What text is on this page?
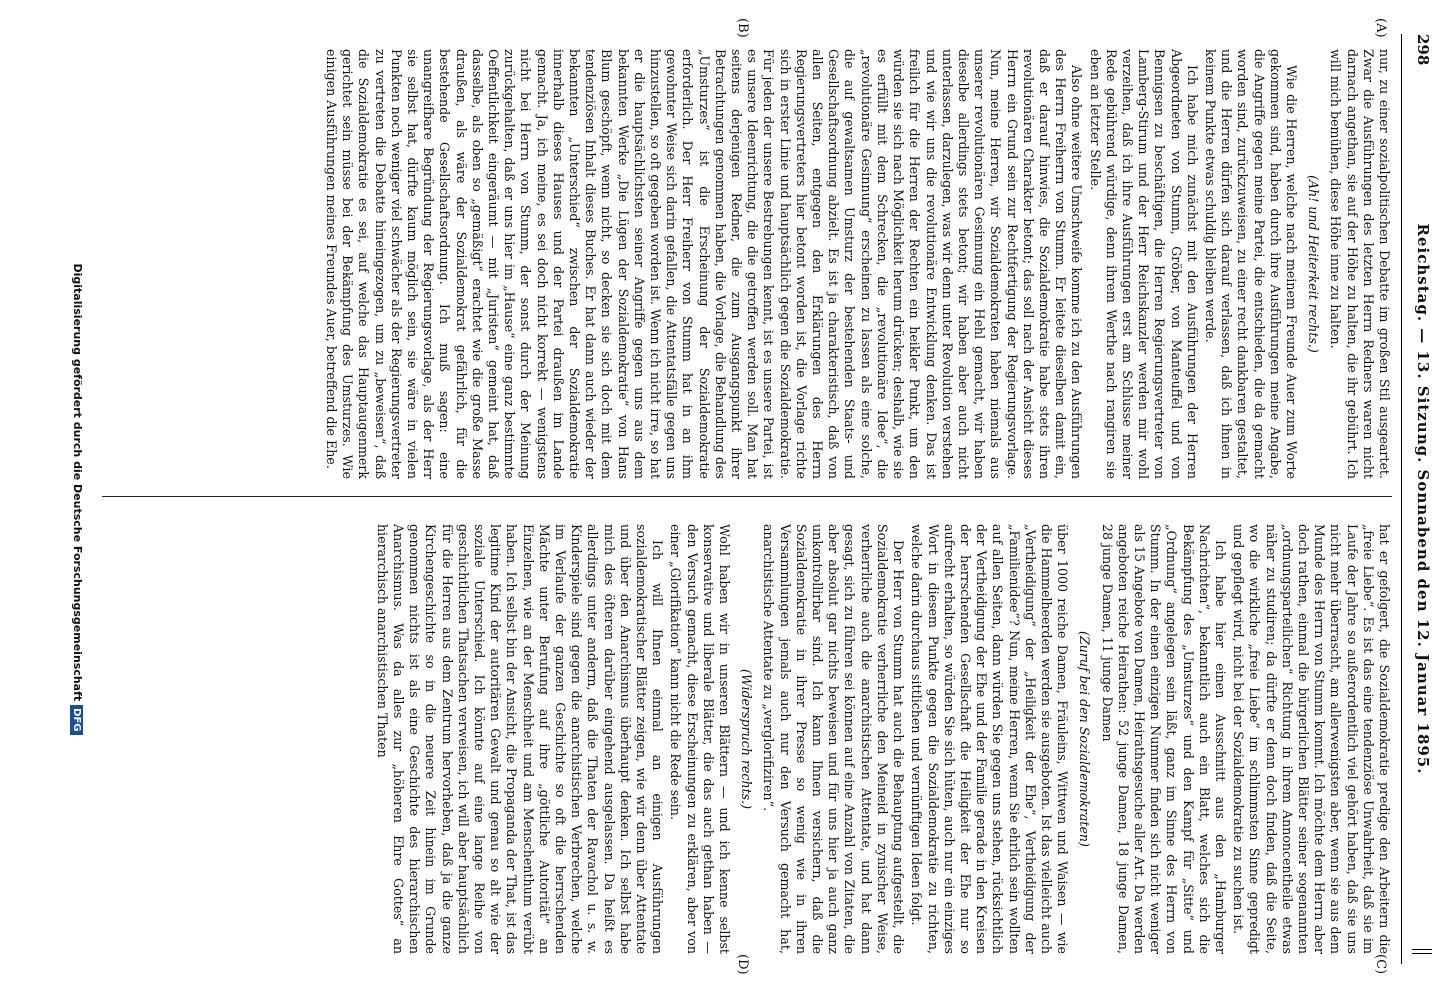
298
Reichstag. — 13. Sitzung. Sonnabend den 12. Januar 1895.
(A)
(B)
(C)
(D)

nur, zu einer sozialpolitischen Debatte im großen Stil ausgeartet. Zwar die Ausführungen des letzten Herrn Redners waren nicht darnach angethan, sie auf der Höhe zu halten, die ihr gebührt. Ich will mich bemühen, diese Höhe inne zu halten.

(Ah! und Heiterkeit rechts.)

Wie die Herren, welche nach meinem Freunde Auer zum Worte gekommen sind, haben durch ihre Ausführungen meine Angabe, die Angriffe gegen meine Partei, die entschieden, die da gemacht worden sind, zurückzuweisen, zu einer recht dankbaren gestaltet, und die Herren dürfen sich darauf verlassen, daß ich ihnen in keinem Punkte etwas schuldig bleiben werde.

Ich habe mich zunächst mit den Ausführungen der Herren Abgeordneten von Stumm, Gröber, von Manteuffel und von Bennigsen zu beschäftigen, die Herren Regierungsvertreter von Lamberg-Stirum und der Herr Reichskanzler werden mir wohl verzeihen, daß ich ihre Ausführungen erst am Schlusse meiner Rede gebührend würdige, denn ihrem Werthe nach rangiren sie eben an letzter Stelle.

Also ohne weitere Umschweife komme ich zu den Ausführungen des Herrn Freiherrn von Stumm. Er leitete dieselben damit ein, daß er darauf hinwies, die Sozialdemokratie habe stets ihren revolutionären Charakter betont; das soll nach der Ansicht dieses Herrn ein Grund sein zur Rechtfertigung der Regierungsvorlage. Nun, meine Herren, wir Sozialdemokraten haben niemals aus unserer revolutionären Gesinnung ein Hehl gemacht, wir haben dieselbe allerdings stets betont; wir haben aber auch nicht unterlassen, darzulegen, was wir denn unter Revolution verstehen und wie wir uns die revolutionäre Entwicklung denken. Das ist freilich für die Herren der Rechten ein heikler Punkt, um den würden sie sich nach Möglichkeit herum drücken; deshalb, wie sie es erfüllt mit dem Schrecken, die „revolutionäre Idee“, die „revolutionäre Gesinnung“ erscheinen zu lassen als eine solche, die auf gewaltsamen Umsturz der bestehenden Staats- und Gesellschaftsordnung abzielt. Es ist ja charakteristisch, daß von allen Seiten, entgegen den Erklärungen des Herrn Regierungsvertreters hier betont worden ist, die Vorlage richte sich in erster Linie und hauptsächlich gegen die Sozialdemokratie. Für jeden der unsere Bestrebungen kennt, ist es unsere Partei, ist es unsere Ideenrichtung, die die getroffen werden soll. Man hat seitens derjenigen Redner, die zum Ausgangspunkt ihrer Betrachtungen genommen haben, die Vorlage, die Behandlung des „Umsturzes“ ist die Erscheinung der Sozialdemokratie erforderlich. Der Herr Freiherr von Stumm hat in an ihm gewohnter Weise sich darin gefallen, die Attentatsfälle gegen uns hinzustellen, so oft gegeben worden ist. Wenn ich nicht irre, so hat er die hauptsächlichsten seiner Angriffe gegen uns aus dem bekannten Werke „Die Lügen der Sozialdemokratie“ von Hans Blum geschöpft, wenn nicht, so decken sie sich doch mit dem tendenziösen Inhalt dieses Buches. Er hat dann auch wieder der bekannten „Unterschied“ zwischen der Sozialdemokratie innerhalb dieses Hauses und der Partei draußen im Lande gemacht. Ja, ich meine, es sei doch nicht korrekt — wenigstens nicht bei Herrn von Stumm, der sonst durch der Meinung zurückgehalten, daß er uns hier im „Hause“ eine ganz bestimmte Oeffentlichkeit eingeräumt — mit „Juristen“ gemeint hat, daß dasselbe, als oben so „gemäßigt“ erachtet wie die große Masse draußen, als wäre der Sozialdemokrat gefährlich, für die bestehende Gesellschaftsordnung. Ich muß sagen: eine unangreifbare Begründung der Regierungsvorlage, als der Herr sie selbst hat, dürfte kaum möglich sein, sie wäre in vielen Punkten noch weniger viel schwächer als der Regierungsvertreter zu vertreten die Debatte hineingezogen, um zu „beweisen“, daß die Sozialdemokratie es sei, auf welche das Hauptaugenmerk gerichtet sein müsse bei der Bekämpfung des Umsturzes. Wie einigen Ausführungen meines Freundes Auer, betreffend die Ehe.

hat er gefolgert, die Sozialdemokratie predige den Arbeitern die „freie Liebe“. Es ist das eine tendenziöse Unwahrheit, daß sie im Laufe der Jahre so außerordentlich viel gehört haben, daß sie uns nicht mehr überrascht, am allerwenigsten aber, wenn sie aus dem Munde des Herrn von Stumm kommt. Ich möchte dem Herrn aber doch rathen, einmal die bürgerlichen Blätter seiner sogenannten „ordnungsparteilichen“ Richtung in ihrem Annoncentheile etwas näher zu studiren; da dürfte er denn doch finden, daß die Seite, wo die wirkliche „freie Liebe“ im schlimmsten Sinne gepredigt und gepflegt wird, nicht bei der Sozialdemokratie zu suchen ist.

Ich habe hier einen Ausschnitt aus den „Hamburger Nachrichten“, bekanntlich auch ein Blatt, welches sich die Bekämpfung des „Umsturzes“ und den Kampf für „Sitte“ und „Ordnung“ angelegen sein läßt, ganz im Sinne des Herrn von Stumm. In der einen einzigen Nummer finden sich nicht weniger als 15 Angebote von Damen, Heirathsgesuche aller Art. Da werden angeboten reiche Heirathen: 52 junge Damen, 18 junge Damen, 28 junge Damen, 11 junge Damen

(Zuruf bei den Sozialdemokraten)

über 1000 reiche Damen, Fräuleins, Wittwen und Waisen — wie die Hammelheerden werden sie ausgeboten. Ist das vielleicht auch „Vertheidigung“ der „Heiligkeit der Ehe“, Vertheidigung der „Familienidee“? Nun, meine Herren, wenn Sie ehrlich sein wollten auf allen Seiten, dann würden Sie gegen uns stehen, rücksichtlich der Vertheidigung der Ehe und der Familie gerade in den Kreisen der herrschenden Gesellschaft die Heiligkeit der Ehe nur so aufrecht erhalten, so würden Sie sich hüten, auch nur ein einziges Wort in diesem Punkte gegen die Sozialdemokratie zu richten, welche darin durchaus sittlichen und vernünftigen Ideen folgt.

Der Herr von Stumm hat auch die Behauptung aufgestellt, die Sozialdemokratie verherrliche den Meineid in zynischer Weise, verherrliche auch die anarchistischen Attentate, und hat dann gesagt, sich zu führen sei können auf eine Anzahl von Zitaten, die aber absolut gar nichts beweisen und für uns hier ja auch ganz unkontrollirbar sind. Ich kann Ihnen versichern, daß die Sozialdemokratie in ihrer Presse so wenig wie in ihren Versammlungen jemals auch nur den Versuch gemacht hat, anarchistische Attentate zu „verglorifiziren“.

(Widerspruch rechts.)

Wohl haben wir in unseren Blättern — und ich kenne selbst konservative und liberale Blätter, die das auch gethan haben — den Versuch gemacht, diese Erscheinungen zu erklären, aber von einer „Glorifikation“ kann nicht die Rede sein.

Ich will Ihnen einmal an einigen Ausführungen sozialdemokratischer Blätter zeigen, wie wir denn über Attentate und über den Anarchismus überhaupt denken. Ich selbst habe mich des öfteren darüber eingehend ausgelassen. Da heißt es allerdings unter anderm, daß die Thaten der Ravachol u. s. w. Kinderspiele sind gegen die anarchistischen Verbrechen, welche im Verlaufe der ganzen Geschichte so oft die herrschenden Mächte unter Berufung auf ihre „göttliche Autorität“ an Einzelnen, wie an der Menschheit und am Menschenthum verübt haben. Ich selbst bin der Ansicht, die Propaganda der That, ist das legitime Kind der autoritären Gewalt und genau so alt wie der soziale Unterschied. Ich könnte auf eine lange Reihe von geschichtlichen Thatsachen verweisen, ich will aber hauptsächlich für die Herren aus dem Zentrum hervorheben, daß ja die ganze Kirchengeschichte so in die neuere Zeit hinein im Grunde genommen nichts ist als eine Geschichte des hierarchischen Anarchismus. Was da alles zur „höheren Ehre Gottes“ an hierarchisch anarchistischen Thaten

Digitalisierung gefördert durch die Deutsche ForschungsgemeinschaftDFG
